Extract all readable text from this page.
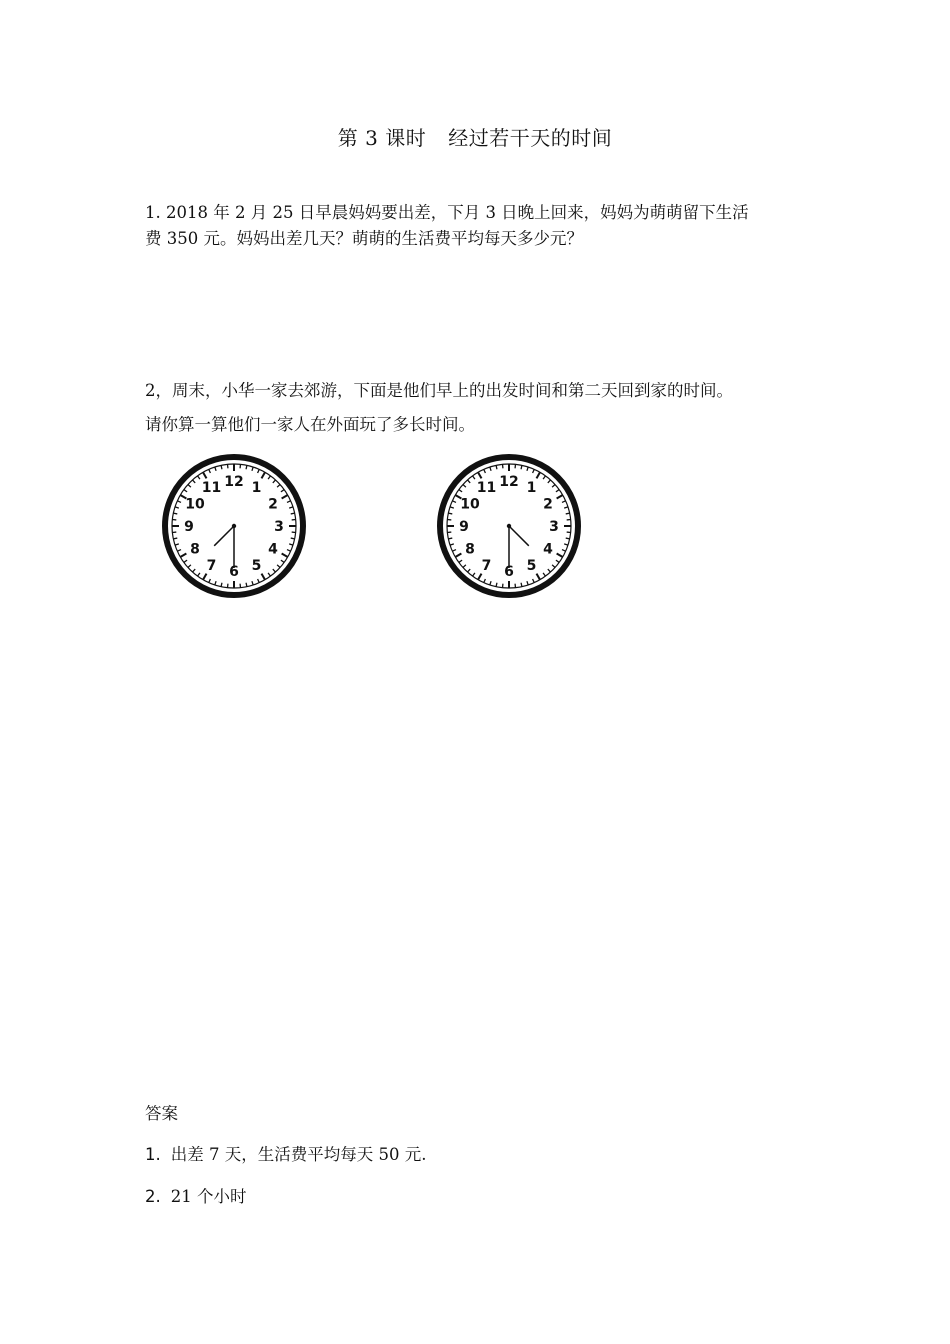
第 3 课时 经过若干天的时间
1. 2018 年 2 月 25 日早晨妈妈要出差，下月 3 日晚上回来，妈妈为萌萌留下生活
费 350 元。妈妈出差几天？萌萌的生活费平均每天多少元？
2，周末，小华一家去郊游，下面是他们早上的出发时间和第二天回到家的时间。
请你算一算他们一家人在外面玩了多长时间。
12 1
2
3
4
5
6
7
8
9
10
11	12 1
2
3
4
5
6
7
8
9
10
11
答案
1. 出差 7 天，生活费平均每天 50 元.
2. 21 个小时
